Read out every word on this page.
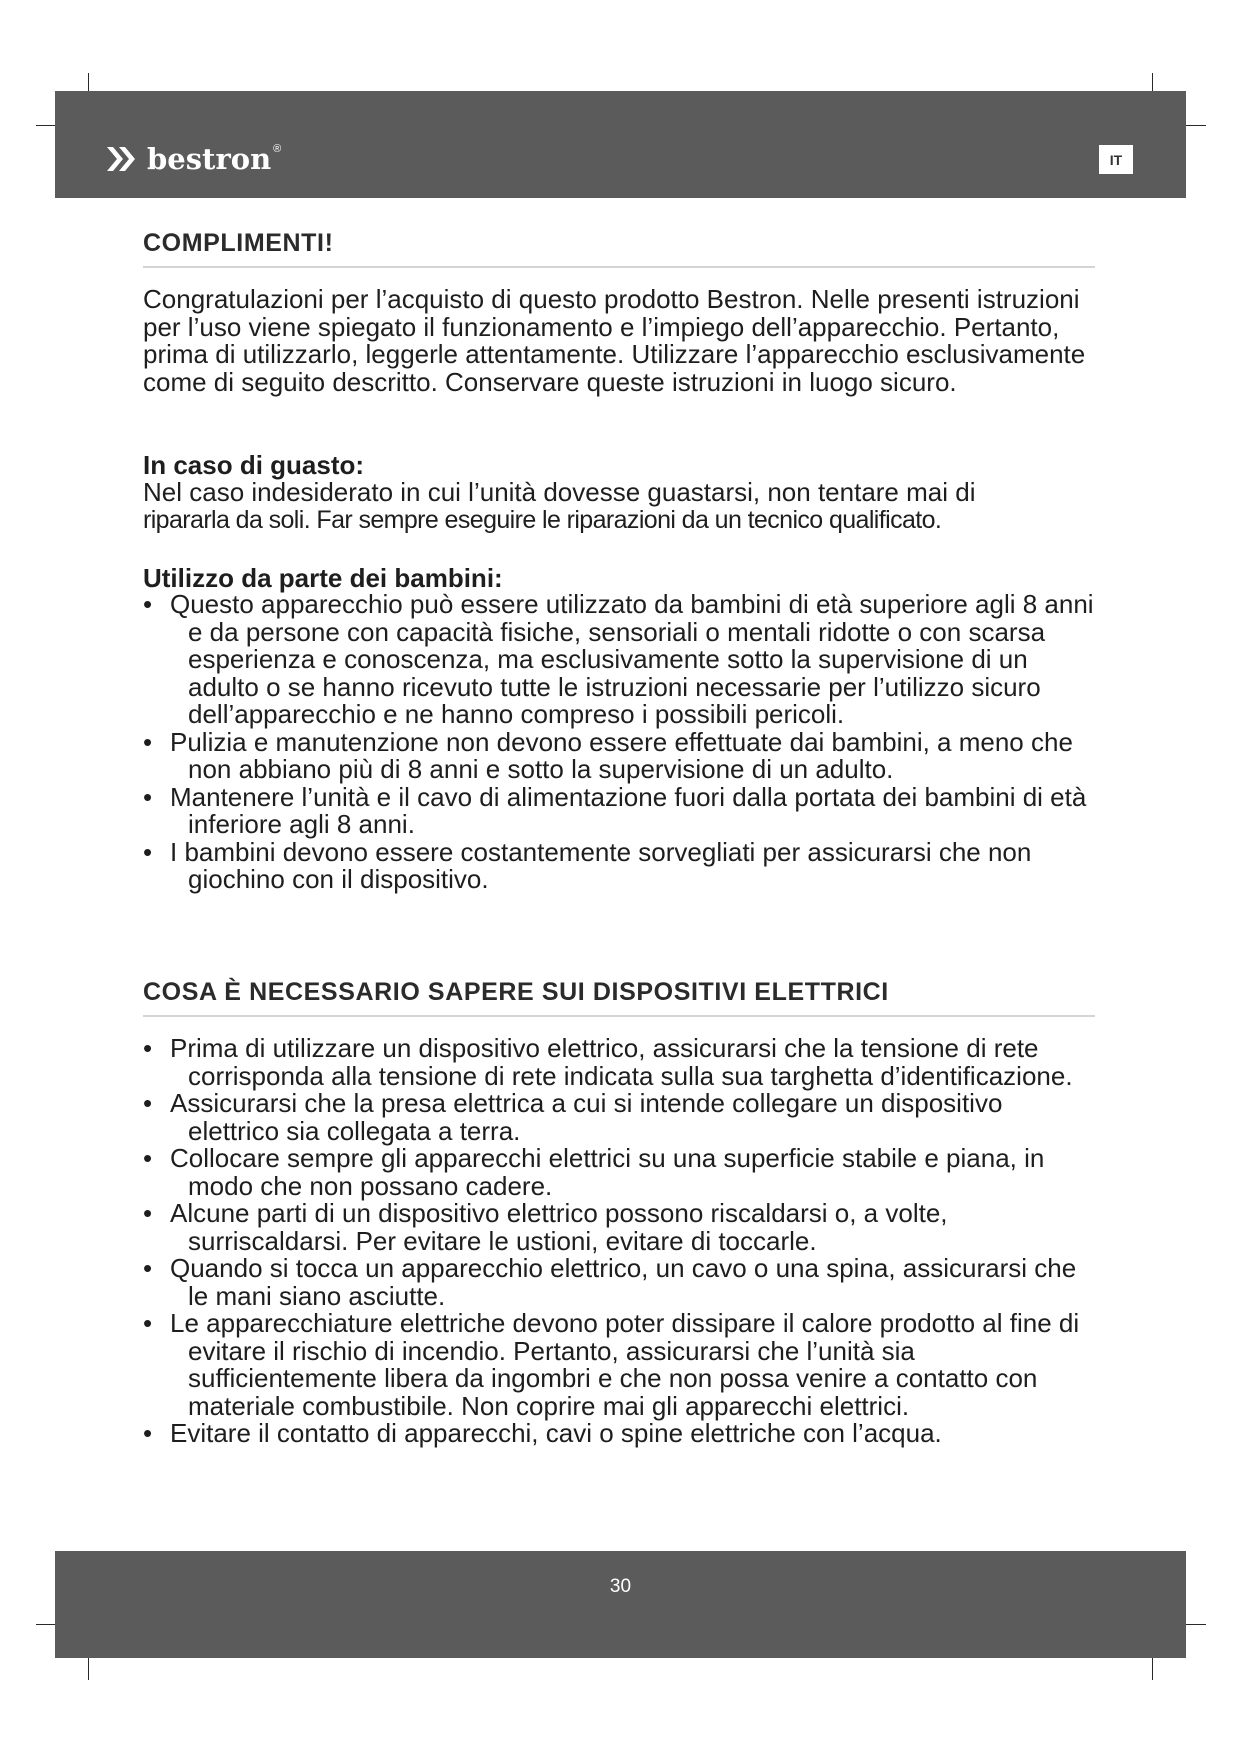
bestron ®
IT
COMPLIMENTI!

Congratulazioni per l’acquisto di questo prodotto Bestron. Nelle presenti istruzioni per l’uso viene spiegato il funzionamento e l’impiego dell’apparecchio. Pertanto, prima di utilizzarlo, leggerle attentamente. Utilizzare l’apparecchio esclusivamente come di seguito descritto. Conservare queste istruzioni in luogo sicuro.

In caso di guasto:

Nel caso indesiderato in cui l’unità dovesse guastarsi, non tentare mai di

ripararla da soli. Far sempre eseguire le riparazioni da un tecnico qualificato.

Utilizzo da parte dei bambini:

• Questo apparecchio può essere utilizzato da bambini di età superiore agli 8 anni e da persone con capacità fisiche, sensoriali o mentali ridotte o con scarsa esperienza e conoscenza, ma esclusivamente sotto la supervisione di un adulto o se hanno ricevuto tutte le istruzioni necessarie per l’utilizzo sicuro dell’apparecchio e ne hanno compreso i possibili pericoli.
• Pulizia e manutenzione non devono essere effettuate dai bambini, a meno che non abbiano più di 8 anni e sotto la supervisione di un adulto.
• Mantenere l’unità e il cavo di alimentazione fuori dalla portata dei bambini di età inferiore agli 8 anni.
• I bambini devono essere costantemente sorvegliati per assicurarsi che non giochino con il dispositivo.
COSA È NECESSARIO SAPERE SUI DISPOSITIVI ELETTRICI
• Prima di utilizzare un dispositivo elettrico, assicurarsi che la tensione di rete corrisponda alla tensione di rete indicata sulla sua targhetta d’identificazione.
• Assicurarsi che la presa elettrica a cui si intende collegare un dispositivo elettrico sia collegata a terra.
• Collocare sempre gli apparecchi elettrici su una superficie stabile e piana, in modo che non possano cadere.
• Alcune parti di un dispositivo elettrico possono riscaldarsi o, a volte, surriscaldarsi. Per evitare le ustioni, evitare di toccarle.
• Quando si tocca un apparecchio elettrico, un cavo o una spina, assicurarsi che le mani siano asciutte.
• Le apparecchiature elettriche devono poter dissipare il calore prodotto al fine di evitare il rischio di incendio. Pertanto, assicurarsi che l’unità sia sufficientemente libera da ingombri e che non possa venire a contatto con materiale combustibile. Non coprire mai gli apparecchi elettrici.
• Evitare il contatto di apparecchi, cavi o spine elettriche con l’acqua.
30
